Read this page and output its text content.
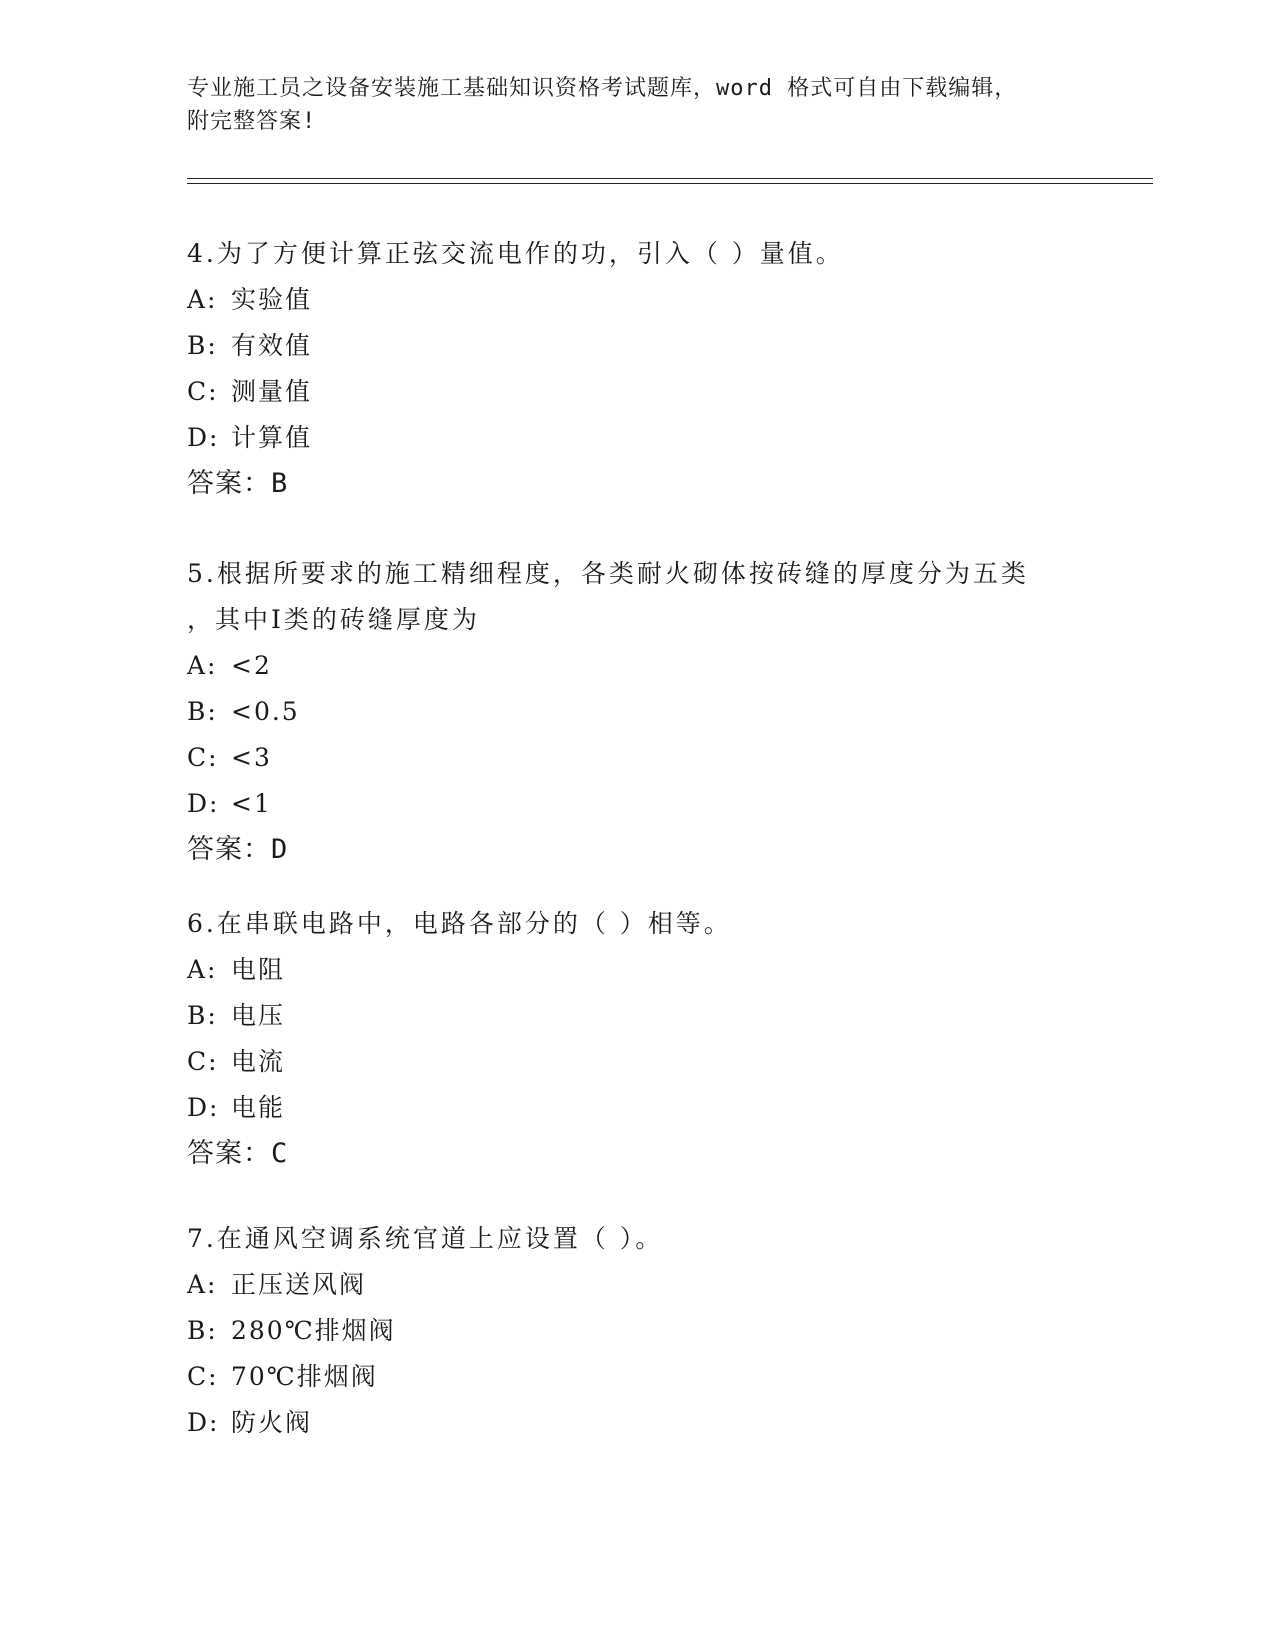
专业施工员之设备安装施工基础知识资格考试题库，word 格式可自由下载编辑，
附完整答案!
4.为了方便计算正弦交流电作的功，引入（ ）量值。
A: 实验值
B: 有效值
C: 测量值
D: 计算值
答案：B
5.根据所要求的施工精细程度，各类耐火砌体按砖缝的厚度分为五类
，其中Ⅰ类的砖缝厚度为
A: <2
B: <0.5
C: <3
D: <1
答案：D
6.在串联电路中，电路各部分的（ ）相等。
A: 电阻
B: 电压
C: 电流
D: 电能
答案：C
7.在通风空调系统官道上应设置（ ）。
A: 正压送风阀
B: 280℃排烟阀
C: 70℃排烟阀
D: 防火阀
